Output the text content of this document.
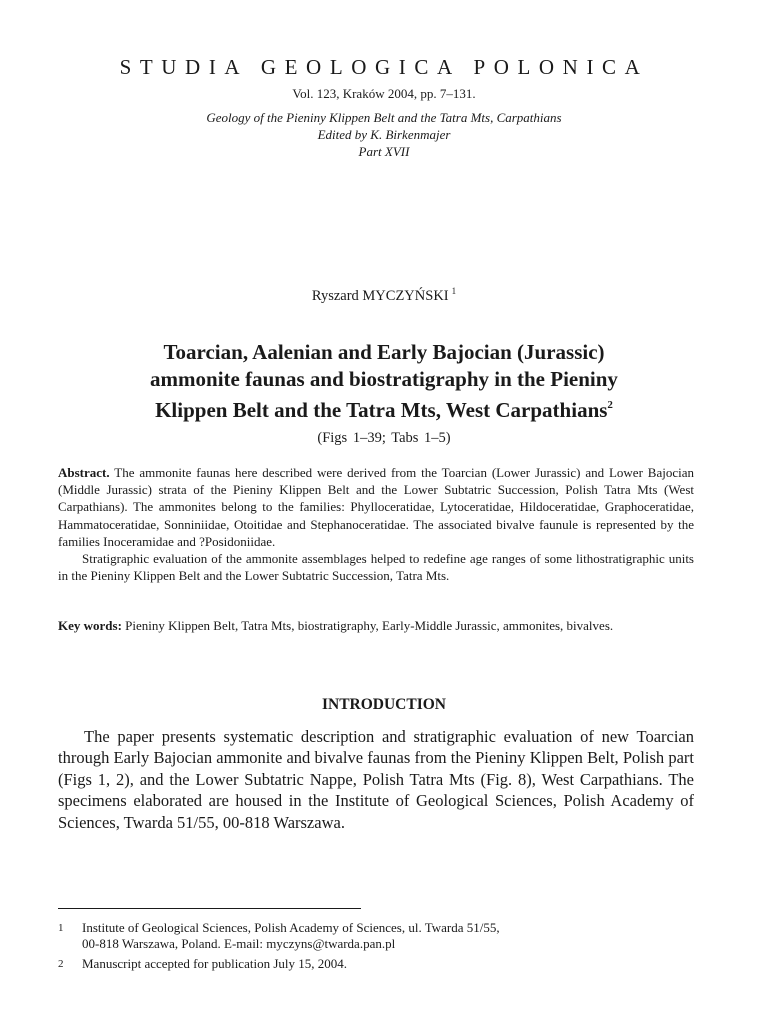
STUDIA GEOLOGICA POLONICA
Vol. 123, Kraków 2004, pp. 7–131.
Geology of the Pieniny Klippen Belt and the Tatra Mts, Carpathians
Edited by K. Birkenmajer
Part XVII
Ryszard MYCZYŃSKI $^1$
Toarcian, Aalenian and Early Bajocian (Jurassic)
ammonite faunas and biostratigraphy in the Pieniny
Klippen Belt and the Tatra Mts, West Carpathians$^2$
(Figs 1–39; Tabs 1–5)

Abstract. The ammonite faunas here described were derived from the Toarcian (Lower Jurassic) and Lower Bajocian (Middle Jurassic) strata of the Pieniny Klippen Belt and the Lower Subtatric Succession, Polish Tatra Mts (West Carpathians). The ammonites belong to the families: Phylloceratidae, Lytoceratidae, Hildoceratidae, Graphoceratidae, Hammatoceratidae, Sonniniidae, Otoitidae and Stephanoceratidae. The associated bivalve faunule is represented by the families Inoceramidae and ?Posidoniidae.

Stratigraphic evaluation of the ammonite assemblages helped to redefine age ranges of some lithostratigraphic units in the Pieniny Klippen Belt and the Lower Subtatric Succession, Tatra Mts.

Key words: Pieniny Klippen Belt, Tatra Mts, biostratigraphy, Early-Middle Jurassic, ammonites, bivalves.

INTRODUCTION

The paper presents systematic description and stratigraphic evaluation of new Toarcian through Early Bajocian ammonite and bivalve faunas from the Pieniny Klippen Belt, Polish part (Figs 1, 2), and the Lower Subtatric Nappe, Polish Tatra Mts (Fig. 8), West Carpathians. The specimens elaborated are housed in the Institute of Geological Sciences, Polish Academy of Sciences, Twarda 51/55, 00-818 Warszawa.

1 Institute of Geological Sciences, Polish Academy of Sciences, ul. Twarda 51/55,
00-818 Warszawa, Poland. E-mail: myczyns@twarda.pan.pl
2 Manuscript accepted for publication July 15, 2004.
